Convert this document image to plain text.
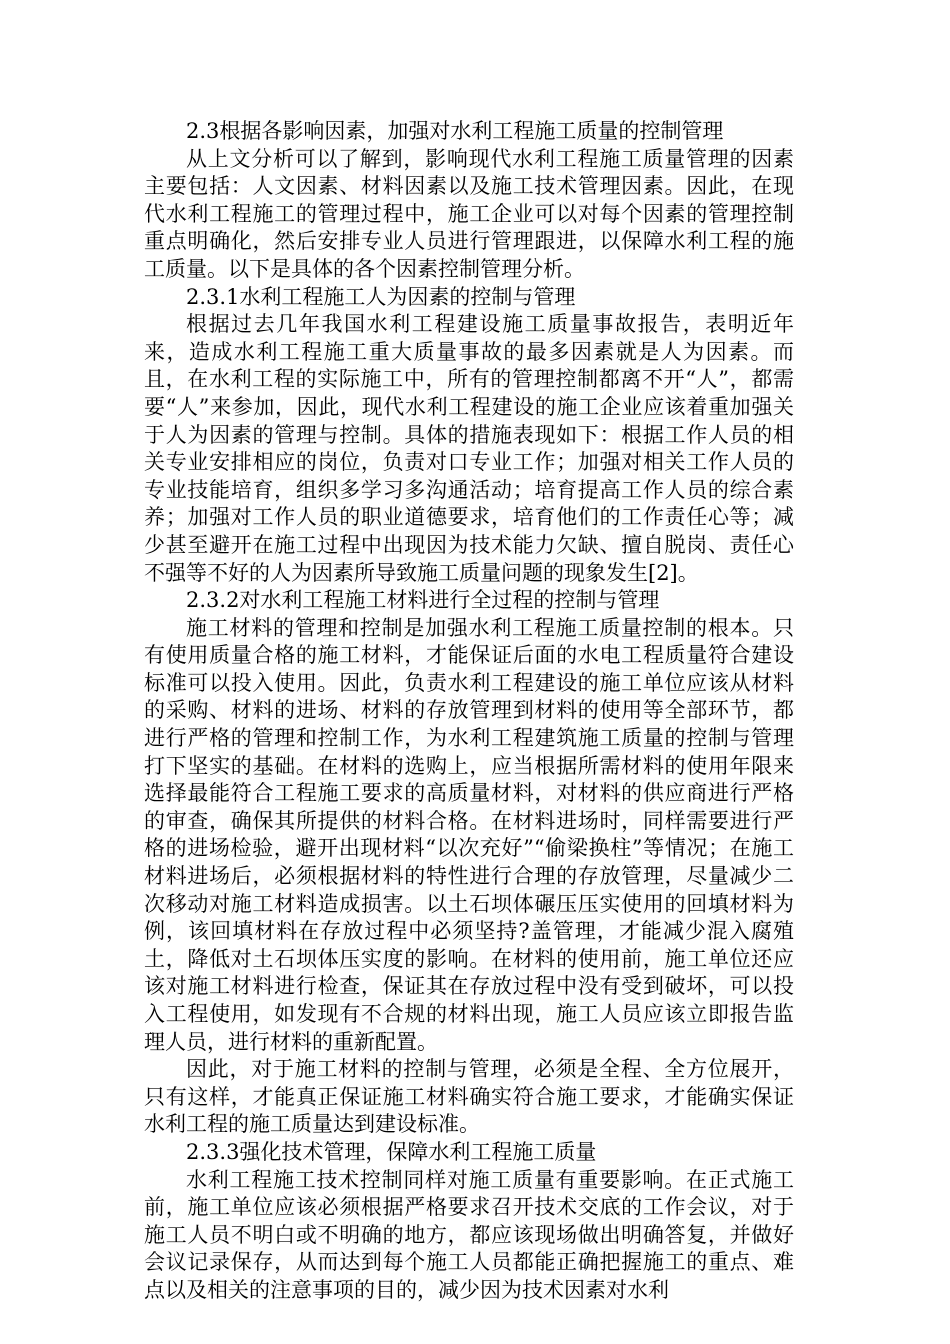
2.3根据各影响因素，加强对水利工程施工质量的控制管理

从上文分析可以了解到，影响现代水利工程施工质量管理的因素主要包括：人文因素、材料因素以及施工技术管理因素。因此，在现代水利工程施工的管理过程中，施工企业可以对每个因素的管理控制重点明确化，然后安排专业人员进行管理跟进，以保障水利工程的施工质量。以下是具体的各个因素控制管理分析。

2.3.1水利工程施工人为因素的控制与管理

根据过去几年我国水利工程建设施工质量事故报告，表明近年来，造成水利工程施工重大质量事故的最多因素就是人为因素。而且，在水利工程的实际施工中，所有的管理控制都离不开“人”，都需要“人”来参加，因此，现代水利工程建设的施工企业应该着重加强关于人为因素的管理与控制。具体的措施表现如下：根据工作人员的相关专业安排相应的岗位，负责对口专业工作；加强对相关工作人员的专业技能培育，组织多学习多沟通活动；培育提高工作人员的综合素养；加强对工作人员的职业道德要求，培育他们的工作责任心等；减少甚至避开在施工过程中出现因为技术能力欠缺、擅自脱岗、责任心不强等不好的人为因素所导致施工质量问题的现象发生[2]。

2.3.2对水利工程施工材料进行全过程的控制与管理

施工材料的管理和控制是加强水利工程施工质量控制的根本。只有使用质量合格的施工材料，才能保证后面的水电工程质量符合建设标准可以投入使用。因此，负责水利工程建设的施工单位应该从材料的采购、材料的进场、材料的存放管理到材料的使用等全部环节，都进行严格的管理和控制工作，为水利工程建筑施工质量的控制与管理打下坚实的基础。在材料的选购上，应当根据所需材料的使用年限来选择最能符合工程施工要求的高质量材料，对材料的供应商进行严格的审查，确保其所提供的材料合格。在材料进场时，同样需要进行严格的进场检验，避开出现材料“以次充好”“偷梁换柱”等情况；在施工材料进场后，必须根据材料的特性进行合理的存放管理，尽量减少二次移动对施工材料造成损害。以土石坝体碾压压实使用的回填材料为例，该回填材料在存放过程中必须坚持?盖管理，才能减少混入腐殖土，降低对土石坝体压实度的影响。在材料的使用前，施工单位还应该对施工材料进行检查，保证其在存放过程中没有受到破坏，可以投入工程使用，如发现有不合规的材料出现，施工人员应该立即报告监理人员，进行材料的重新配置。

因此，对于施工材料的控制与管理，必须是全程、全方位展开，只有这样，才能真正保证施工材料确实符合施工要求，才能确实保证水利工程的施工质量达到建设标准。

2.3.3强化技术管理，保障水利工程施工质量

水利工程施工技术控制同样对施工质量有重要影响。在正式施工前，施工单位应该必须根据严格要求召开技术交底的工作会议，对于施工人员不明白或不明确的地方，都应该现场做出明确答复，并做好会议记录保存，从而达到每个施工人员都能正确把握施工的重点、难点以及相关的注意事项的目的，减少因为技术因素对水利
